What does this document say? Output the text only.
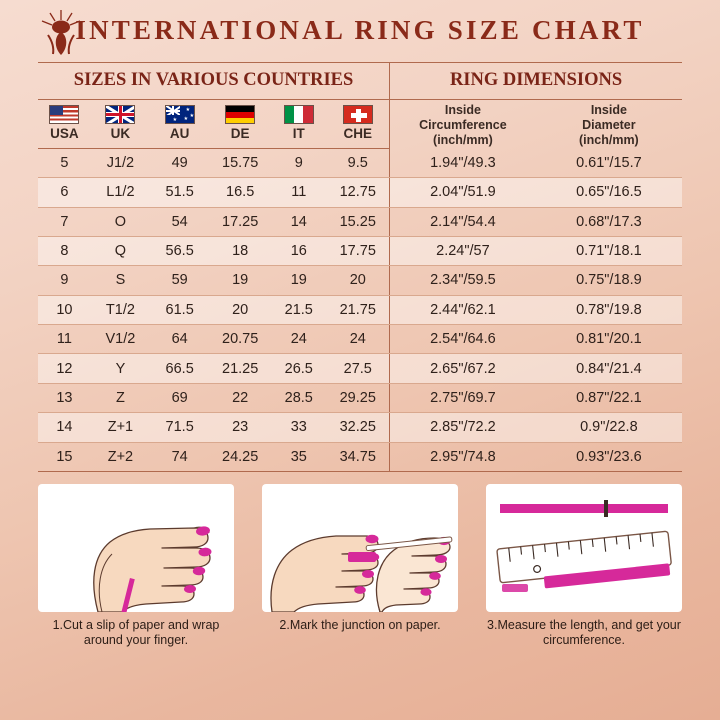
INTERNATIONAL RING SIZE CHART
SIZES IN VARIOUS COUNTRIES						RING DIMENSIONS	

★
★
★
★

Inside
Circumference
(inch/mm)

Inside
Diameter
(inch/mm)

USA	UK	AU	DE	IT	CHE		
5	J1/2	49	15.75	9	9.5	1.94"/49.3	0.61"/15.7
6	L1/2	51.5	16.5	11	12.75	2.04"/51.9	0.65"/16.5
7	O	54	17.25	14	15.25	2.14"/54.4	0.68"/17.3
8	Q	56.5	18	16	17.75	2.24"/57	0.71"/18.1
9	S	59	19	19	20	2.34"/59.5	0.75"/18.9
10	T1/2	61.5	20	21.5	21.75	2.44"/62.1	0.78"/19.8
11	V1/2	64	20.75	24	24	2.54"/64.6	0.81"/20.1
12	Y	66.5	21.25	26.5	27.5	2.65"/67.2	0.84"/21.4
13	Z	69	22	28.5	29.25	2.75"/69.7	0.87"/22.1
14	Z+1	71.5	23	33	32.25	2.85"/72.2	0.9"/22.8
15	Z+2	74	24.25	35	34.75	2.95"/74.8	0.93"/23.6
1.Cut a slip of paper and wrap around your finger.
2.Mark the junction on paper.	3.Measure the length, and get your circumference.
